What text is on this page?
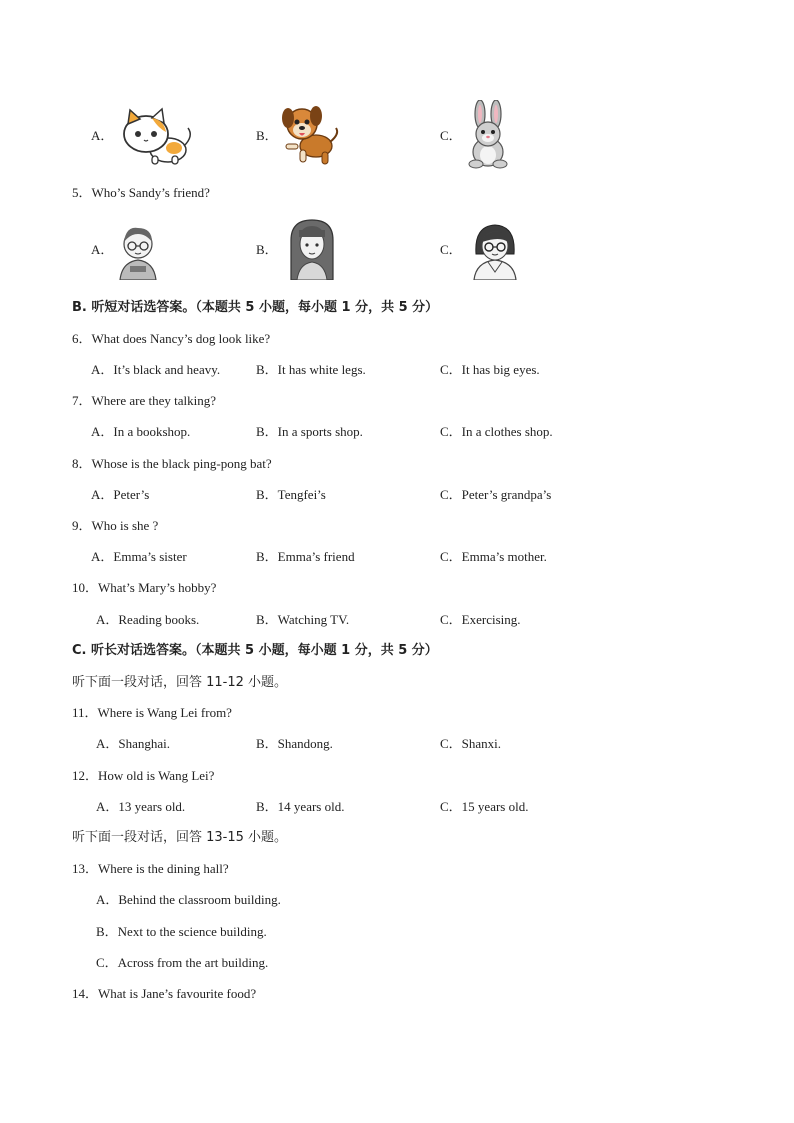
A．	B．	C．
5．Who’s Sandy’s friend?
A．	B．	C．
B. 听短对话选答案。（本题共 5 小题，每小题 1 分，共 5 分）
6．What does Nancy’s dog look like?
A．It’s black and heavy.	B．It has white legs.	C．It has big eyes.
7．Where are they talking?
A．In a bookshop.	B．In a sports shop.	C．In a clothes shop.
8．Whose is the black ping-pong bat?
A．Peter’s	B．Tengfei’s	C．Peter’s grandpa’s
9．Who is she ?
A．Emma’s sister	B．Emma’s friend	C．Emma’s mother.
10．What’s Mary’s hobby?
A．Reading books.	B．Watching TV.	C．Exercising.
C. 听长对话选答案。（本题共 5 小题，每小题 1 分，共 5 分）
听下面一段对话，回答 11-12 小题。
11．Where is Wang Lei from?
A．Shanghai.	B．Shandong.	C．Shanxi.
12．How old is Wang Lei?
A．13 years old.	B．14 years old.	C．15 years old.
听下面一段对话，回答 13-15 小题。
13．Where is the dining hall?
A．Behind the classroom building.
B．Next to the science building.
C．Across from the art building.
14．What is Jane’s favourite food?
